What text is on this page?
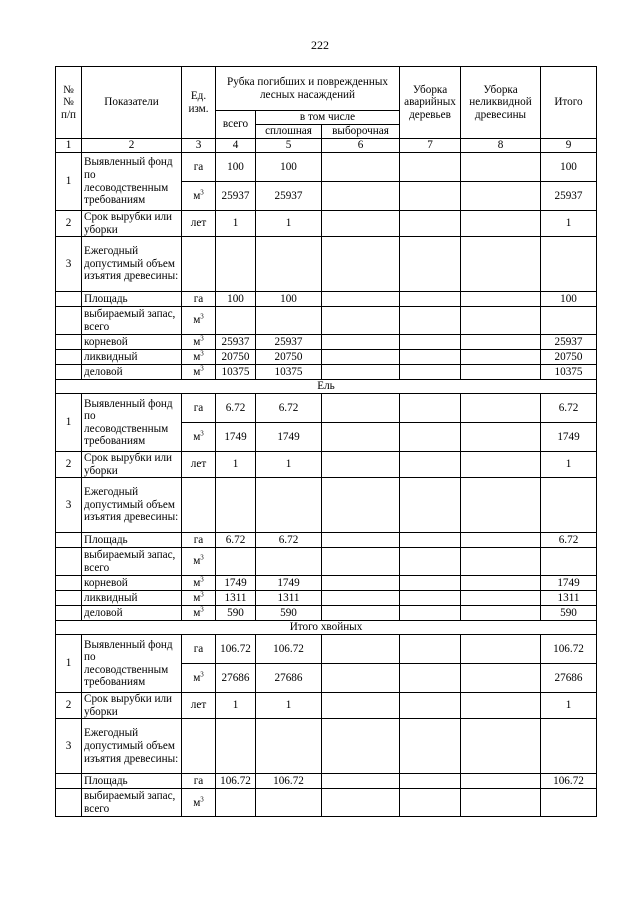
222
№№ п/п	Показатели	Ед. изм.	Рубка погибших и поврежденных лесных насаждений			Уборка аварийных деревьев	Уборка неликвидной древесины	Итого
			всего	в том числе				
				сплошная	выборочная			
1	2	3	4	5	6	7	8	9
1	Выявленный фонд по лесоводственным требованиям	га	100	100				100
		$м^3$	25937	25937				25937
2	Срок вырубки или уборки	лет	1	1				1
3	Ежегодный допустимый объем изъятия древесины:							
	Площадь	га	100	100				100
	выбираемый запас, всего	$м^3$						
	корневой	$м^3$	25937	25937				25937
	ликвидный	$м^3$	20750	20750				20750
	деловой	$м^3$	10375	10375				10375
Ель								
1	Выявленный фонд по лесоводственным требованиям	га	6.72	6.72				6.72
		$м^3$	1749	1749				1749
2	Срок вырубки или уборки	лет	1	1				1
3	Ежегодный допустимый объем изъятия древесины:							
	Площадь	га	6.72	6.72				6.72
	выбираемый запас, всего	$м^3$						
	корневой	$м^3$	1749	1749				1749
	ликвидный	$м^3$	1311	1311				1311
	деловой	$м^3$	590	590				590
Итого хвойных								
1	Выявленный фонд по лесоводственным требованиям	га	106.72	106.72				106.72
		$м^3$	27686	27686				27686
2	Срок вырубки или уборки	лет	1	1				1
3	Ежегодный допустимый объем изъятия древесины:							
	Площадь	га	106.72	106.72				106.72
	выбираемый запас, всего	$м^3$						
